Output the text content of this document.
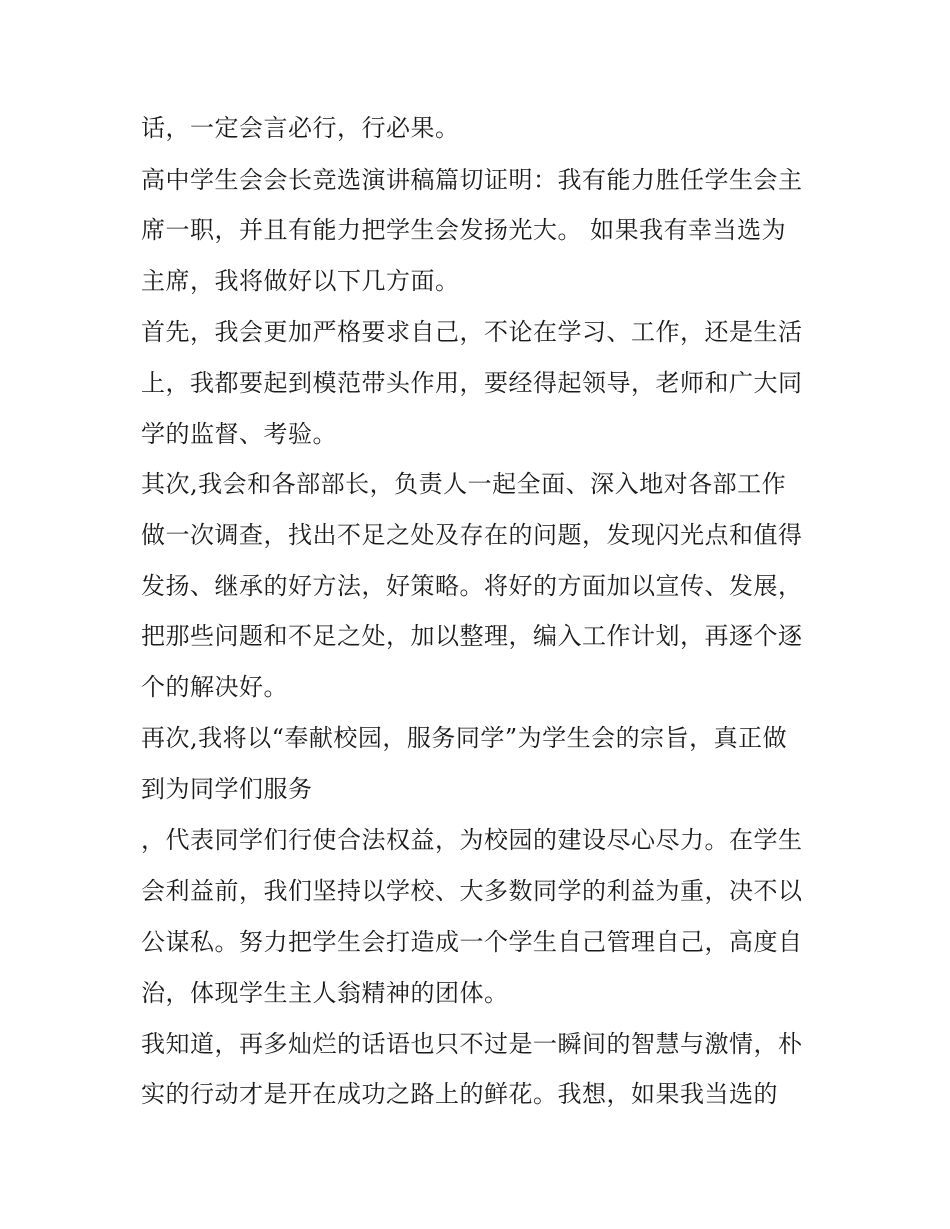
话，一定会言必行，行必果。
高中学生会会长竞选演讲稿篇切证明：我有能力胜任学生会主
席一职，并且有能力把学生会发扬光大。 如果我有幸当选为
主席，我将做好以下几方面。
首先，我会更加严格要求自己，不论在学习、工作，还是生活
上，我都要起到模范带头作用，要经得起领导，老师和广大同
学的监督、考验。
其次,我会和各部部长，负责人一起全面、深入地对各部工作
做一次调查，找出不足之处及存在的问题，发现闪光点和值得
发扬、继承的好方法，好策略。将好的方面加以宣传、发展，
把那些问题和不足之处，加以整理，编入工作计划，再逐个逐
个的解决好。
再次,我将以“奉献校园，服务同学”为学生会的宗旨，真正做
到为同学们服务
，代表同学们行使合法权益，为校园的建设尽心尽力。在学生
会利益前，我们坚持以学校、大多数同学的利益为重，决不以
公谋私。努力把学生会打造成一个学生自己管理自己，高度自
治，体现学生主人翁精神的团体。
我知道，再多灿烂的话语也只不过是一瞬间的智慧与激情，朴
实的行动才是开在成功之路上的鲜花。我想，如果我当选的
